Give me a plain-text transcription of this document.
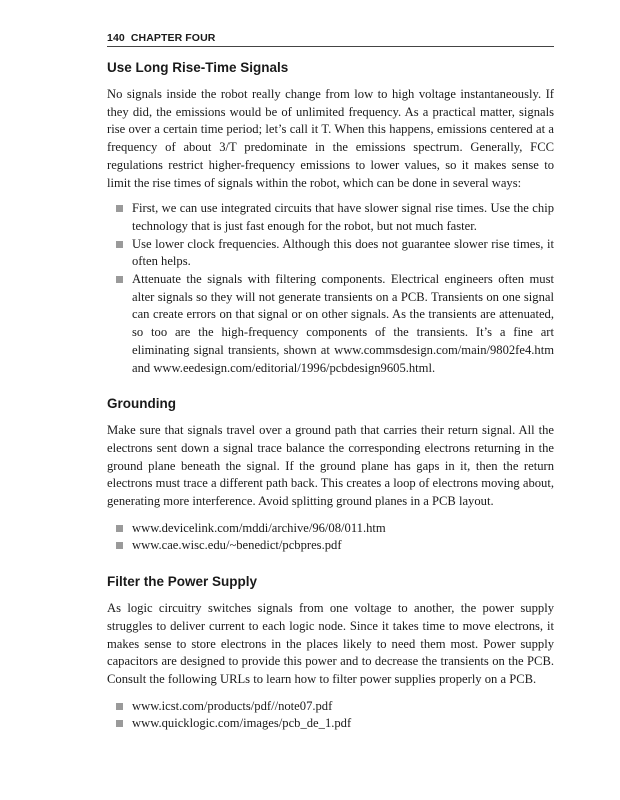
140 CHAPTER FOUR
Use Long Rise-Time Signals

No signals inside the robot really change from low to high voltage instantaneously. If they did, the emissions would be of unlimited frequency. As a practical matter, signals rise over a certain time period; let’s call it T. When this happens, emissions centered at a frequency of about 3/T predominate in the emissions spectrum. Generally, FCC regulations restrict higher-frequency emissions to lower values, so it makes sense to limit the rise times of signals within the robot, which can be done in several ways:

First, we can use integrated circuits that have slower signal rise times. Use the chip technology that is just fast enough for the robot, but not much faster.
Use lower clock frequencies. Although this does not guarantee slower rise times, it often helps.
Attenuate the signals with filtering components. Electrical engineers often must alter signals so they will not generate transients on a PCB. Transients on one signal can create errors on that signal or on other signals. As the transients are attenuated, so too are the high-frequency components of the transients. It’s a fine art eliminating signal transients, shown at www.commsdesign.com/main/9802fe4.htm and www.eedesign.com/editorial/1996/pcbdesign9605.html.
Grounding

Make sure that signals travel over a ground path that carries their return signal. All the electrons sent down a signal trace balance the corresponding electrons returning in the ground plane beneath the signal. If the ground plane has gaps in it, then the return electrons must trace a different path back. This creates a loop of electrons moving about, generating more interference. Avoid splitting ground planes in a PCB layout.

www.devicelink.com/mddi/archive/96/08/011.htm
www.cae.wisc.edu/~benedict/pcbpres.pdf
Filter the Power Supply

As logic circuitry switches signals from one voltage to another, the power supply struggles to deliver current to each logic node. Since it takes time to move electrons, it makes sense to store electrons in the places likely to need them most. Power supply capacitors are designed to provide this power and to decrease the transients on the PCB. Consult the following URLs to learn how to filter power supplies properly on a PCB.

www.icst.com/products/pdf//note07.pdf
www.quicklogic.com/images/pcb_de_1.pdf
